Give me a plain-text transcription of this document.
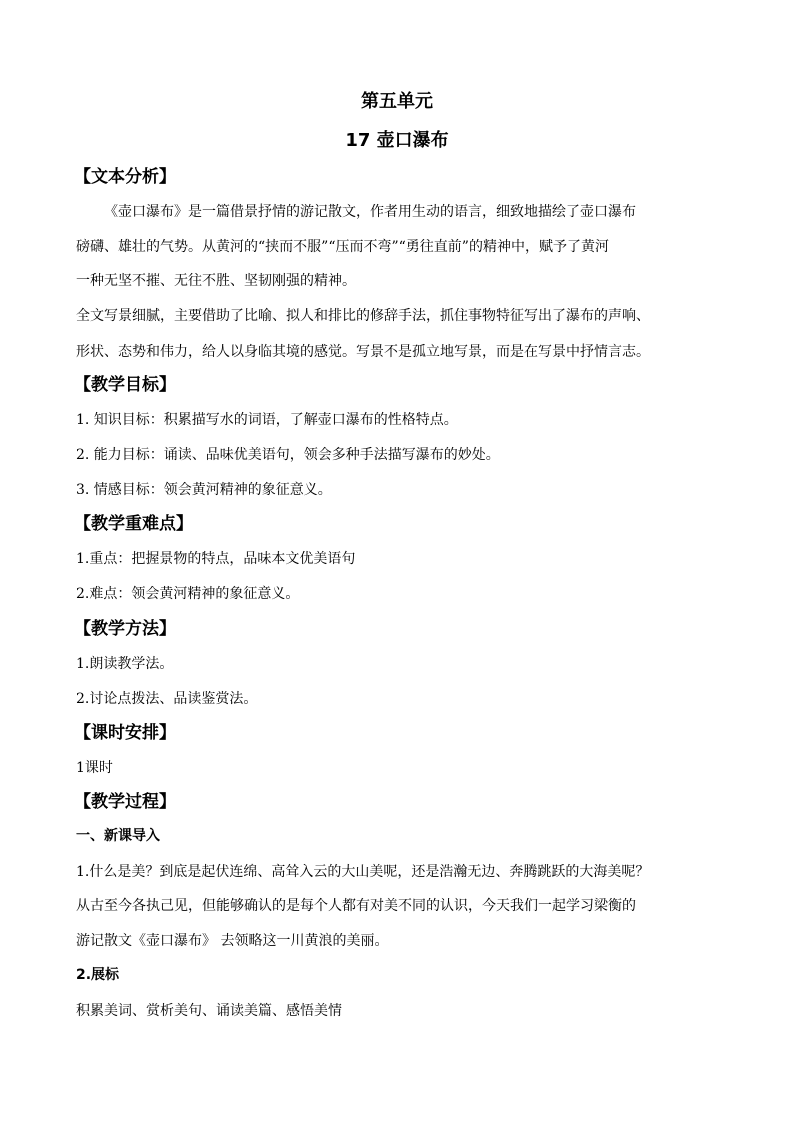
第五单元
17 壶口瀑布
【文本分析】
《壶口瀑布》是一篇借景抒情的游记散文，作者用生动的语言，细致地描绘了壶口瀑布
磅礴、雄壮的气势。从黄河的“挟而不服”“压而不弯”“勇往直前”的精神中，赋予了黄河
一种无坚不摧、无往不胜、坚韧刚强的精神。
全文写景细腻，主要借助了比喻、拟人和排比的修辞手法，抓住事物特征写出了瀑布的声响、
形状、态势和伟力，给人以身临其境的感觉。写景不是孤立地写景，而是在写景中抒情言志。
【教学目标】
1. 知识目标：积累描写水的词语，了解壶口瀑布的性格特点。
2. 能力目标：诵读、品味优美语句，领会多种手法描写瀑布的妙处。
3. 情感目标：领会黄河精神的象征意义。
【教学重难点】
1.重点：把握景物的特点，品味本文优美语句
2.难点：领会黄河精神的象征意义。
【教学方法】
1.朗读教学法。
2.讨论点拨法、品读鉴赏法。
【课时安排】
1课时
【教学过程】
一、新课导入
1.什么是美？到底是起伏连绵、高耸入云的大山美呢，还是浩瀚无边、奔腾跳跃的大海美呢？
从古至今各执己见，但能够确认的是每个人都有对美不同的认识，今天我们一起学习梁衡的
游记散文《壶口瀑布》 去领略这一川黄浪的美丽。
2.展标
积累美词、赏析美句、诵读美篇、感悟美情
